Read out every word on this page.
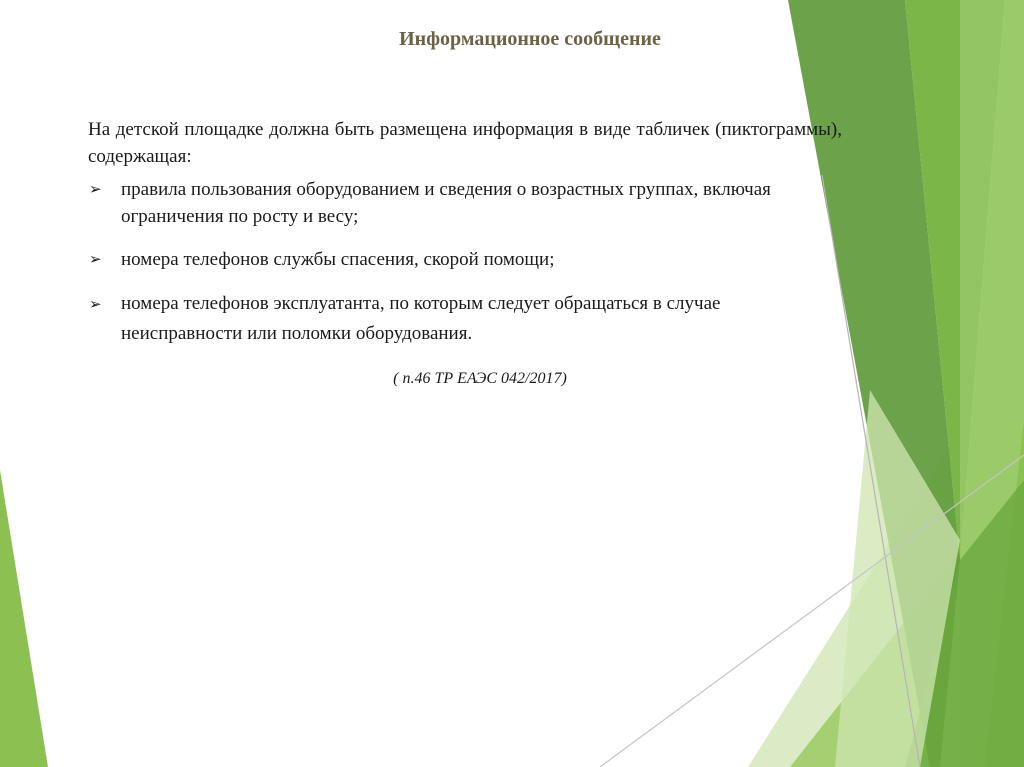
Информационное сообщение

На детской площадке должна быть размещена информация в виде табличек (пиктограммы), содержащая:

➢ правила пользования оборудованием и сведения о возрастных группах, включая ограничения по росту и весу;
➢ номера телефонов службы спасения, скорой помощи;
➢ номера телефонов эксплуатанта, по которым следует обращаться в случае неисправности или поломки оборудования.

( п.46 ТР ЕАЭС 042/2017)
